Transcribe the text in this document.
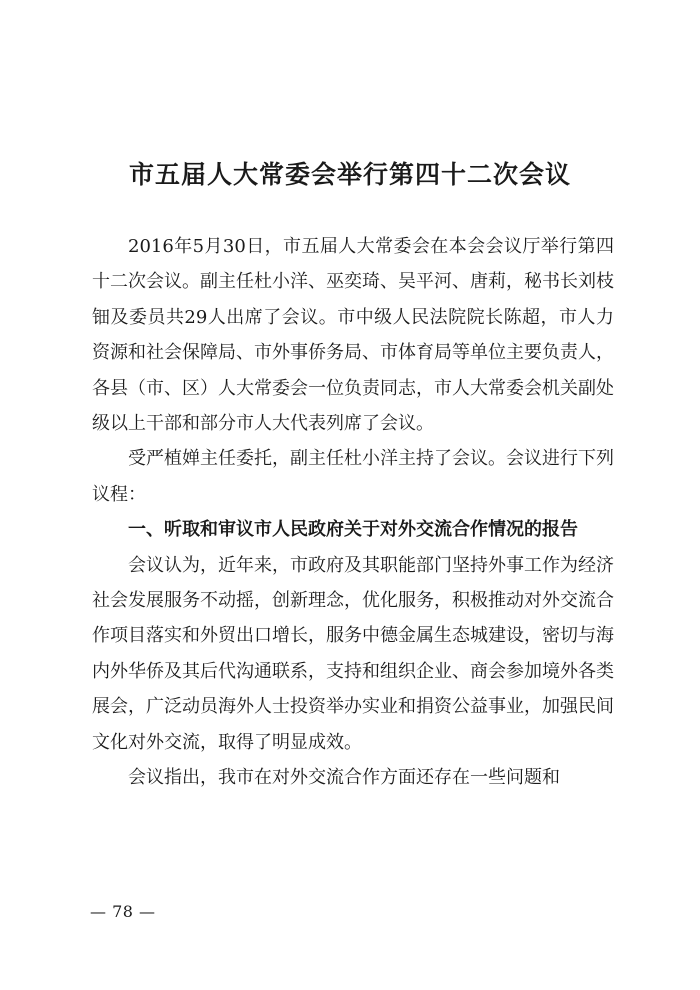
市五届人大常委会举行第四十二次会议

2016年5月30日，市五届人大常委会在本会会议厅举行第四十二次会议。副主任杜小洋、巫奕琦、吴平河、唐莉，秘书长刘枝钿及委员共29人出席了会议。市中级人民法院院长陈超，市人力资源和社会保障局、市外事侨务局、市体育局等单位主要负责人，各县（市、区）人大常委会一位负责同志，市人大常委会机关副处级以上干部和部分市人大代表列席了会议。

受严植婵主任委托，副主任杜小洋主持了会议。会议进行下列议程：

一、听取和审议市人民政府关于对外交流合作情况的报告

会议认为，近年来，市政府及其职能部门坚持外事工作为经济社会发展服务不动摇，创新理念，优化服务，积极推动对外交流合作项目落实和外贸出口增长，服务中德金属生态城建设，密切与海内外华侨及其后代沟通联系，支持和组织企业、商会参加境外各类展会，广泛动员海外人士投资举办实业和捐资公益事业，加强民间文化对外交流，取得了明显成效。

会议指出，我市在对外交流合作方面还存在一些问题和

— 78 —
